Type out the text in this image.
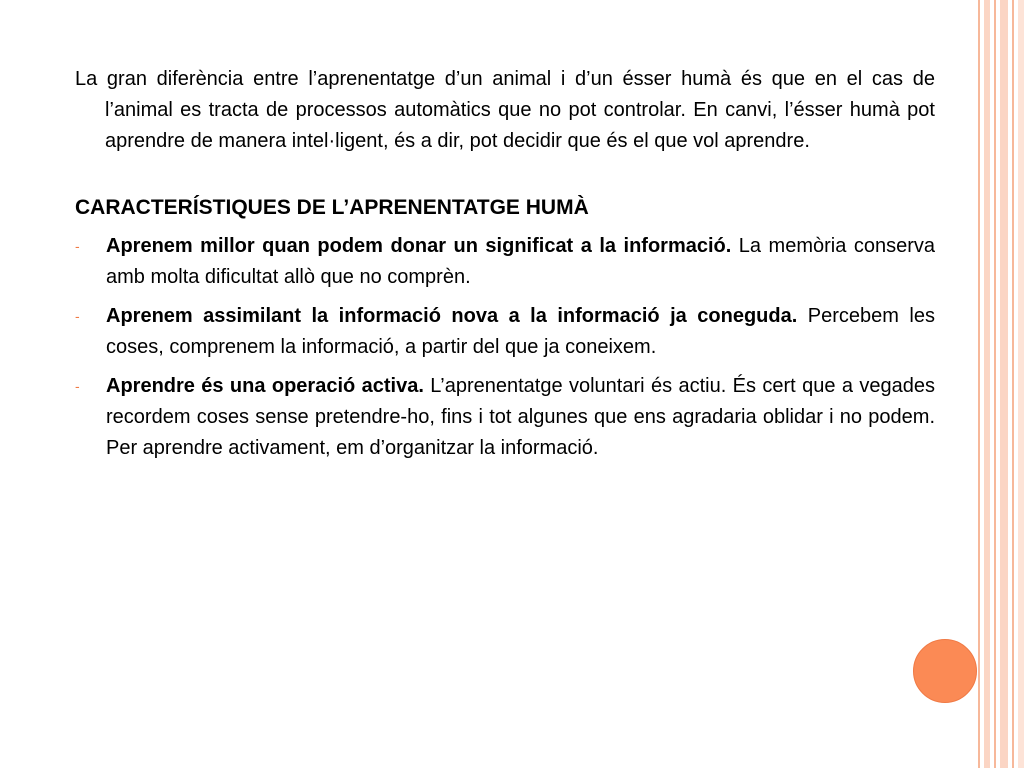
La gran diferència entre l’aprenentatge d’un animal i d’un ésser humà és que en el cas de l’animal es tracta de processos automàtics que no pot controlar. En canvi, l’ésser humà pot aprendre de manera intel·ligent, és a dir, pot decidir que és el que vol aprendre.

CARACTERÍSTIQUES DE L’APRENENTATGE HUMÀ
- Aprenem millor quan podem donar un significat a la informació. La memòria conserva amb molta dificultat allò que no comprèn.
- Aprenem assimilant la informació nova a la informació ja coneguda. Percebem les coses, comprenem la informació, a partir del que ja coneixem.
- Aprendre és una operació activa. L’aprenentatge voluntari és actiu. És cert que a vegades recordem coses sense pretendre-ho, fins i tot algunes que ens agradaria oblidar i no podem. Per aprendre activament, em d’organitzar la informació.
